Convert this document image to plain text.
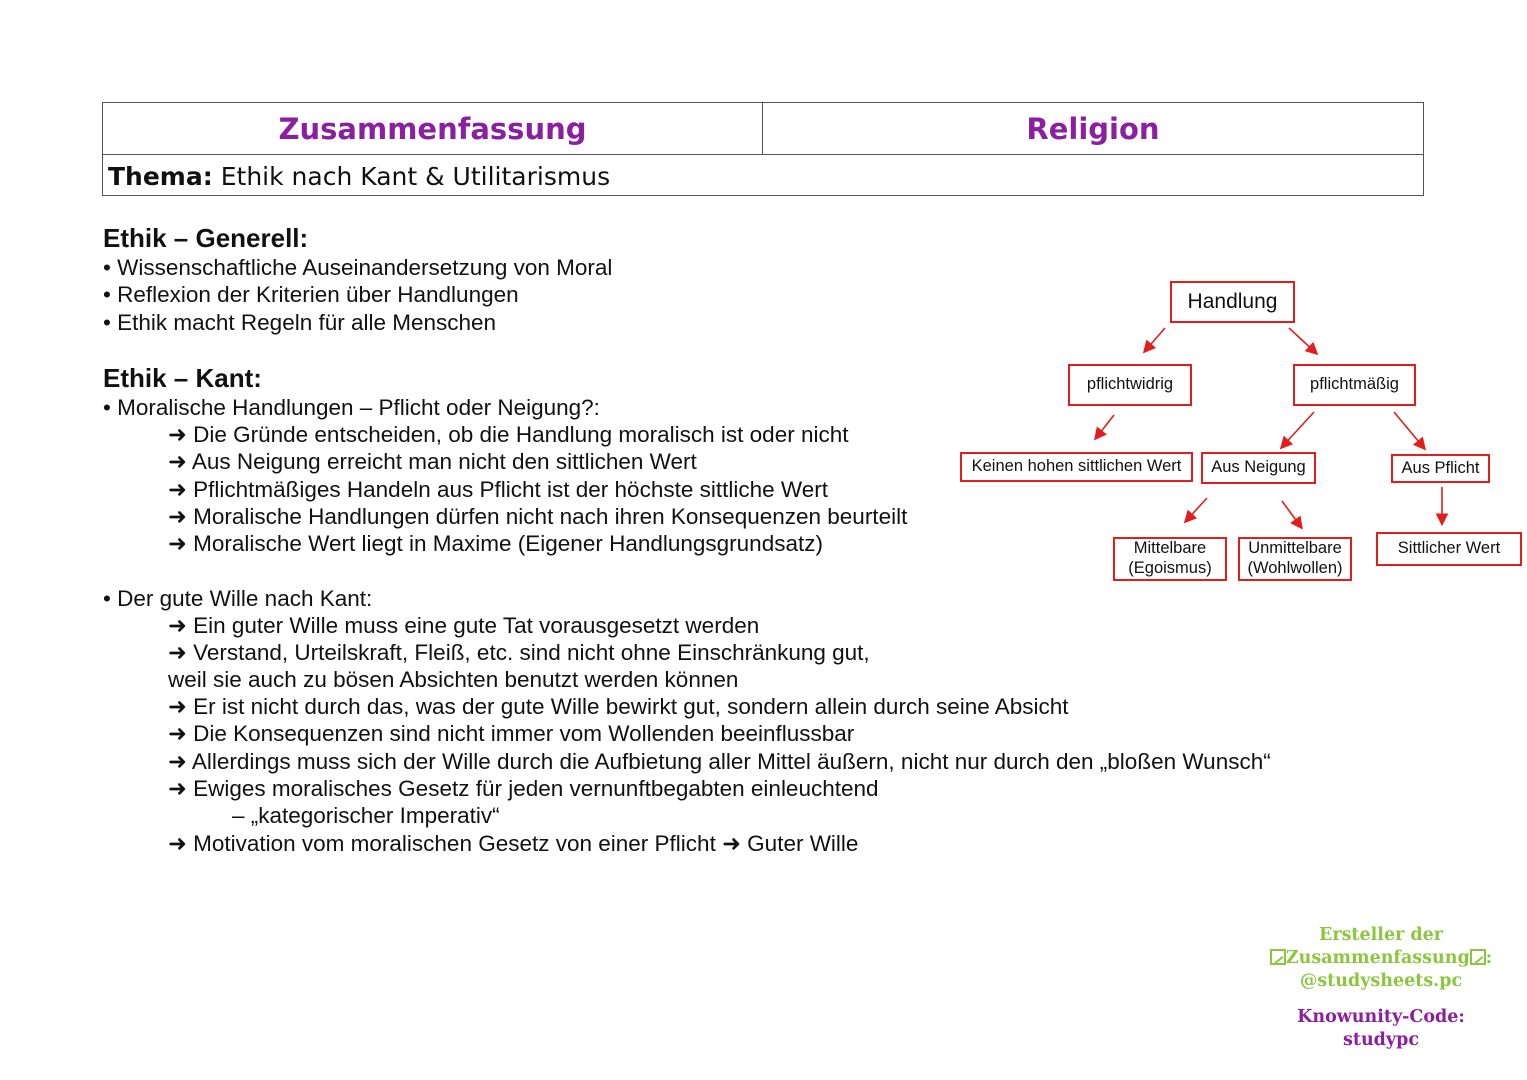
Zusammenfassung	Religion
Thema: Ethik nach Kant & Utilitarismus
Ethik – Generell:
• Wissenschaftliche Auseinandersetzung von Moral
• Reflexion der Kriterien über Handlungen
• Ethik macht Regeln für alle Menschen
Ethik – Kant:
• Moralische Handlungen – Pflicht oder Neigung?:
➜ Die Gründe entscheiden, ob die Handlung moralisch ist oder nicht
➜ Aus Neigung erreicht man nicht den sittlichen Wert
➜ Pflichtmäßiges Handeln aus Pflicht ist der höchste sittliche Wert
➜ Moralische Handlungen dürfen nicht nach ihren Konsequenzen beurteilt
➜ Moralische Wert liegt in Maxime (Eigener Handlungsgrundsatz)
• Der gute Wille nach Kant:
➜ Ein guter Wille muss eine gute Tat vorausgesetzt werden
➜ Verstand, Urteilskraft, Fleiß, etc. sind nicht ohne Einschränkung gut,
weil sie auch zu bösen Absichten benutzt werden können
➜ Er ist nicht durch das, was der gute Wille bewirkt gut, sondern allein durch seine Absicht
➜ Die Konsequenzen sind nicht immer vom Wollenden beeinflussbar
➜ Allerdings muss sich der Wille durch die Aufbietung aller Mittel äußern, nicht nur durch den „bloßen Wunsch“
➜ Ewiges moralisches Gesetz für jeden vernunftbegabten einleuchtend
– „kategorischer Imperativ“
➜ Motivation vom moralischen Gesetz von einer Pflicht ➜ Guter Wille
Handlung
pflichtwidrig	pflichtmäßig
Keinen hohen sittlichen Wert	Aus Neigung	Aus Pflicht
Mittelbare (Egoismus)
Unmittelbare (Wohlwollen)
Sittlicher Wert
Ersteller der
Zusammenfassung :
@studysheets.pc
Knowunity-Code:
studypc
